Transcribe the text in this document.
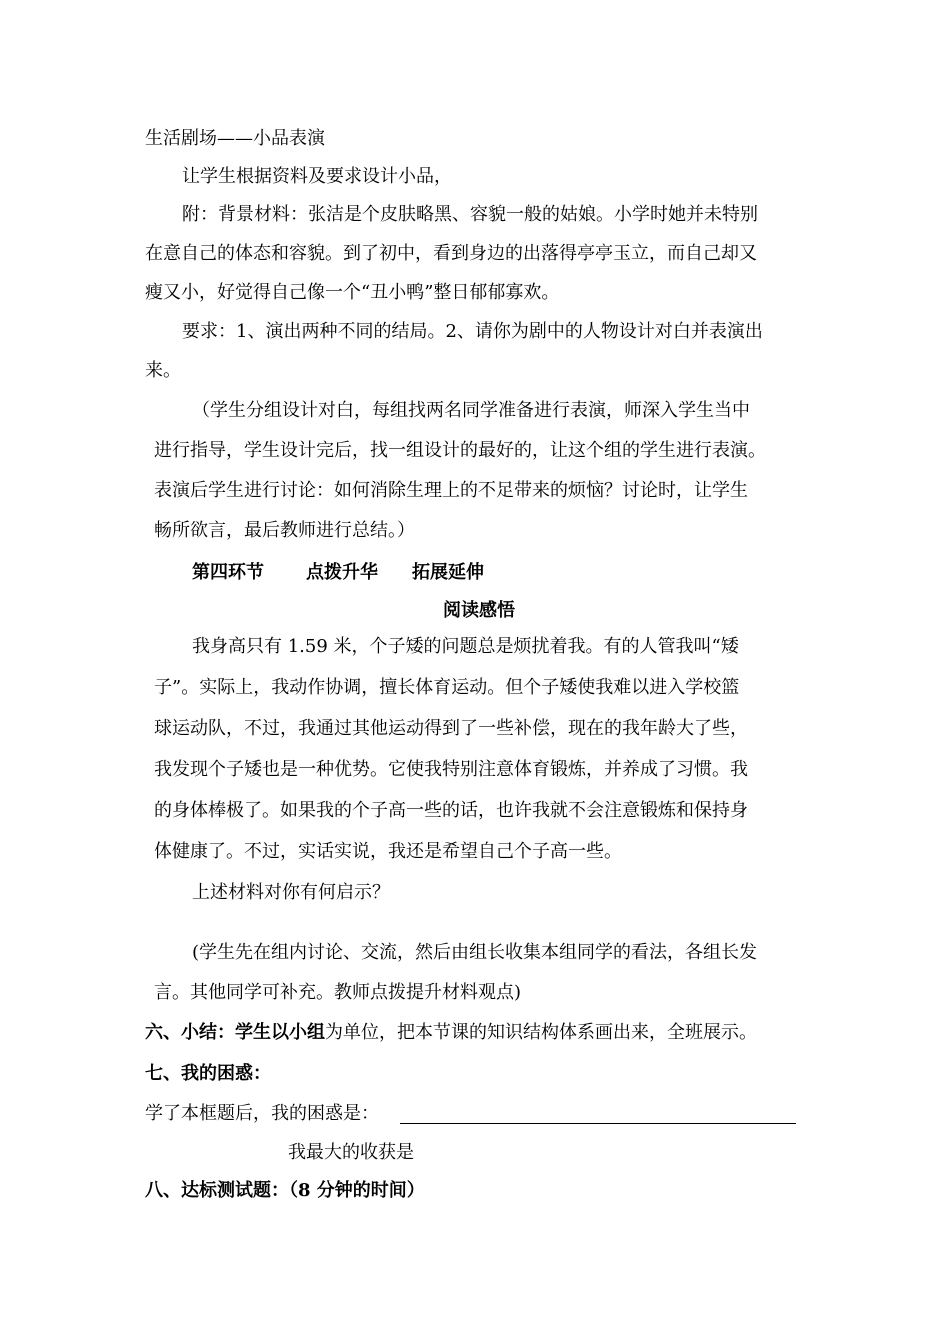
生活剧场——小品表演
让学生根据资料及要求设计小品，
附：背景材料：张洁是个皮肤略黑、容貌一般的姑娘。小学时她并未特别
在意自己的体态和容貌。到了初中，看到身边的出落得亭亭玉立，而自己却又
瘦又小，好觉得自己像一个“丑小鸭”整日郁郁寡欢。
要求：1、演出两种不同的结局。2、请你为剧中的人物设计对白并表演出
来。
（学生分组设计对白，每组找两名同学准备进行表演，师深入学生当中
进行指导，学生设计完后，找一组设计的最好的，让这个组的学生进行表演。
表演后学生进行讨论：如何消除生理上的不足带来的烦恼？讨论时，让学生
畅所欲言，最后教师进行总结。）
第四环节 点拨升华 拓展延伸
阅读感悟
我身高只有 1.59 米，个子矮的问题总是烦扰着我。有的人管我叫“矮
子”。实际上，我动作协调，擅长体育运动。但个子矮使我难以进入学校篮
球运动队，不过，我通过其他运动得到了一些补偿，现在的我年龄大了些，
我发现个子矮也是一种优势。它使我特别注意体育锻炼，并养成了习惯。我
的身体棒极了。如果我的个子高一些的话，也许我就不会注意锻炼和保持身
体健康了。不过，实话实说，我还是希望自己个子高一些。
上述材料对你有何启示？
(学生先在组内讨论、交流，然后由组长收集本组同学的看法，各组长发
言。其他同学可补充。教师点拨提升材料观点)
六、小结：学生以小组为单位，把本节课的知识结构体系画出来，全班展示。
七、我的困惑：
学了本框题后，我的困惑是：
我最大的收获是
八、达标测试题：（8 分钟的时间）
